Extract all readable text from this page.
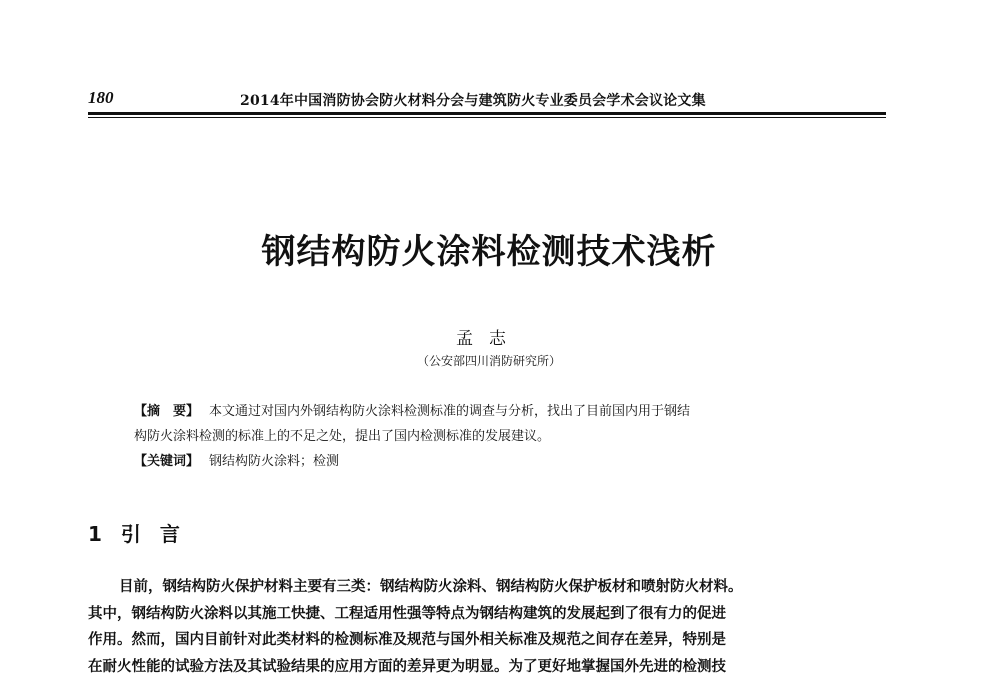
180	2014年中国消防协会防火材料分会与建筑防火专业委员会学术会议论文集
钢结构防火涂料检测技术浅析
孟志
（公安部四川消防研究所）
【摘　要】 本文通过对国内外钢结构防火涂料检测标准的调查与分析，找出了目前国内用于钢结
构防火涂料检测的标准上的不足之处，提出了国内检测标准的发展建议。
【关键词】 钢结构防火涂料；检测
1 引 言
目前，钢结构防火保护材料主要有三类：钢结构防火涂料、钢结构防火保护板材和喷射防火材料。
其中，钢结构防火涂料以其施工快捷、工程适用性强等特点为钢结构建筑的发展起到了很有力的促进
作用。然而，国内目前针对此类材料的检测标准及规范与国外相关标准及规范之间存在差异，特别是
在耐火性能的试验方法及其试验结果的应用方面的差异更为明显。为了更好地掌握国外先进的检测技
